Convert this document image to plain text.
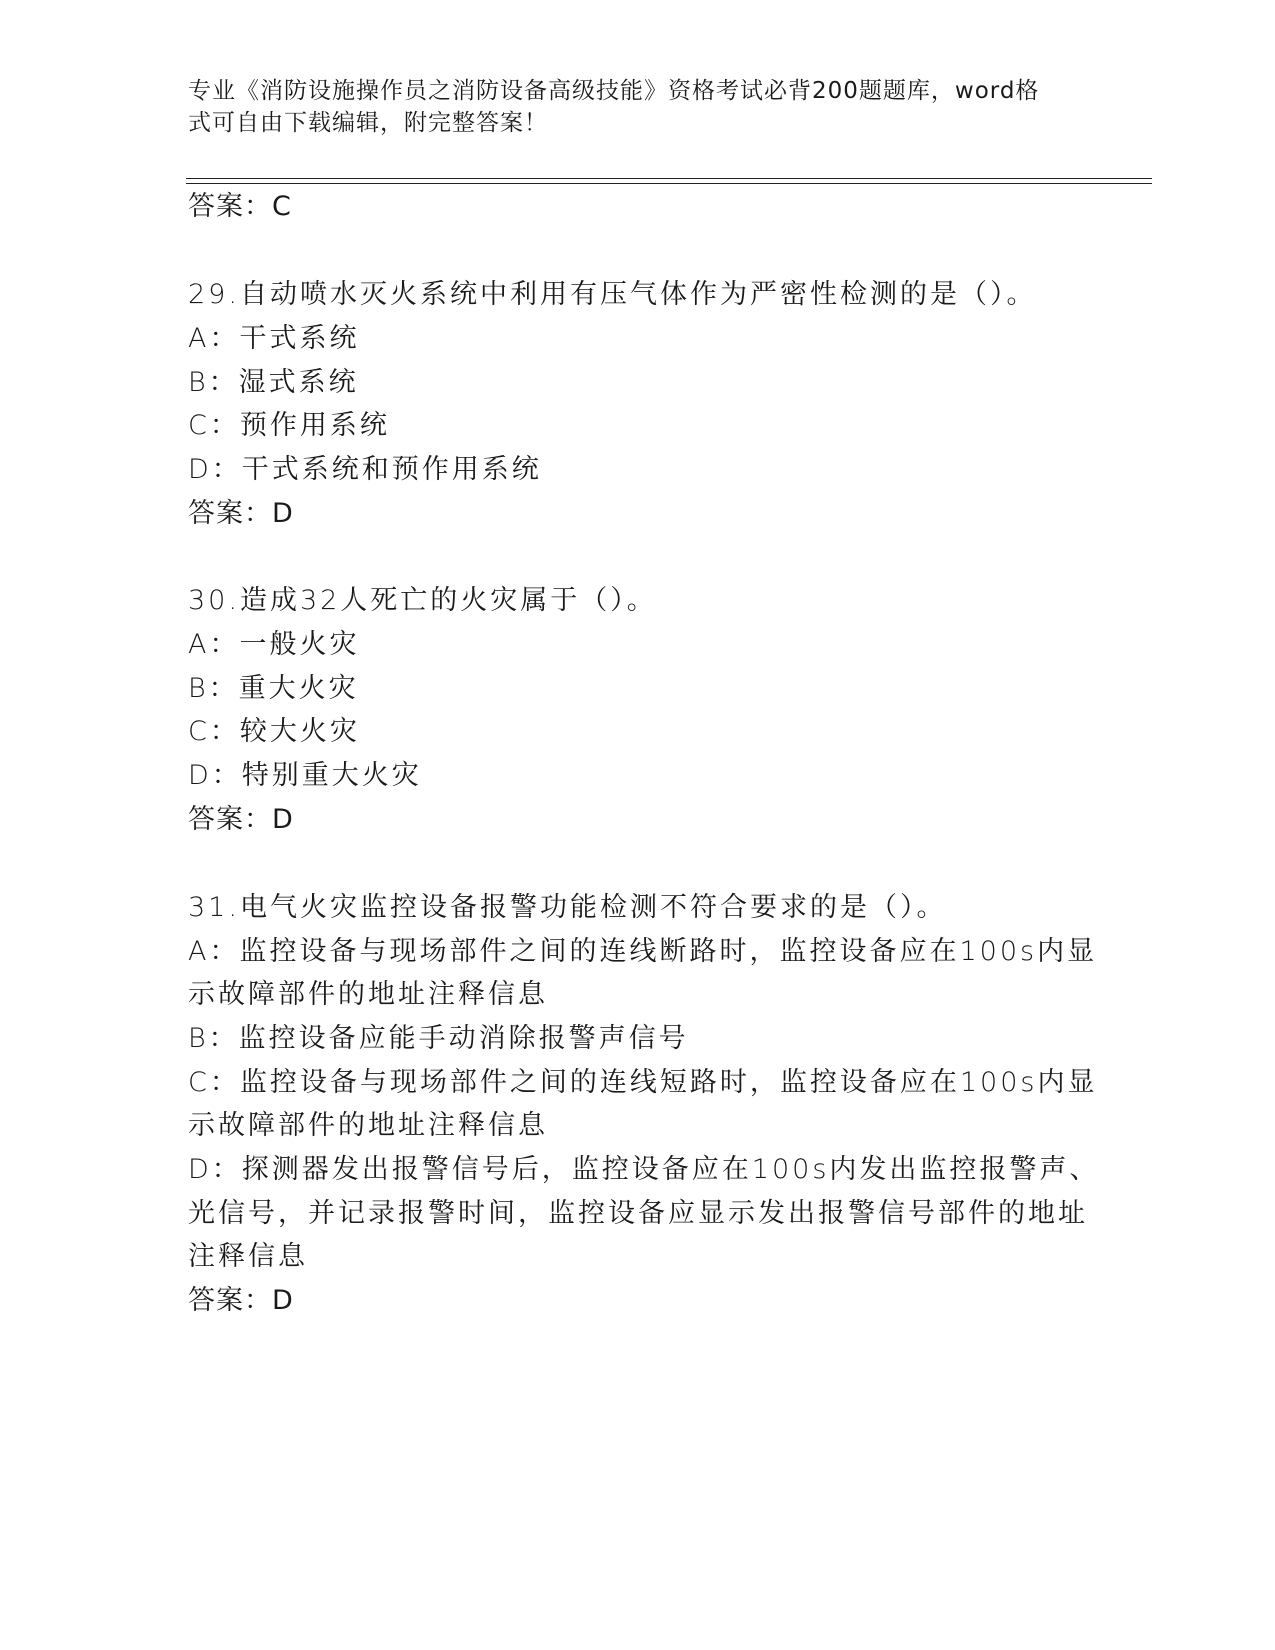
专业《消防设施操作员之消防设备高级技能》资格考试必背200题题库，word格
式可自由下载编辑，附完整答案！
答案：C
29.自动喷水灭火系统中利用有压气体作为严密性检测的是（）。
A：干式系统
B：湿式系统
C：预作用系统
D：干式系统和预作用系统
答案：D
30.造成32人死亡的火灾属于（）。
A：一般火灾
B：重大火灾
C：较大火灾
D：特别重大火灾
答案：D
31.电气火灾监控设备报警功能检测不符合要求的是（）。
A：监控设备与现场部件之间的连线断路时，监控设备应在100s内显
示故障部件的地址注释信息
B：监控设备应能手动消除报警声信号
C：监控设备与现场部件之间的连线短路时，监控设备应在100s内显
示故障部件的地址注释信息
D：探测器发出报警信号后，监控设备应在100s内发出监控报警声、
光信号，并记录报警时间，监控设备应显示发出报警信号部件的地址
注释信息
答案：D
